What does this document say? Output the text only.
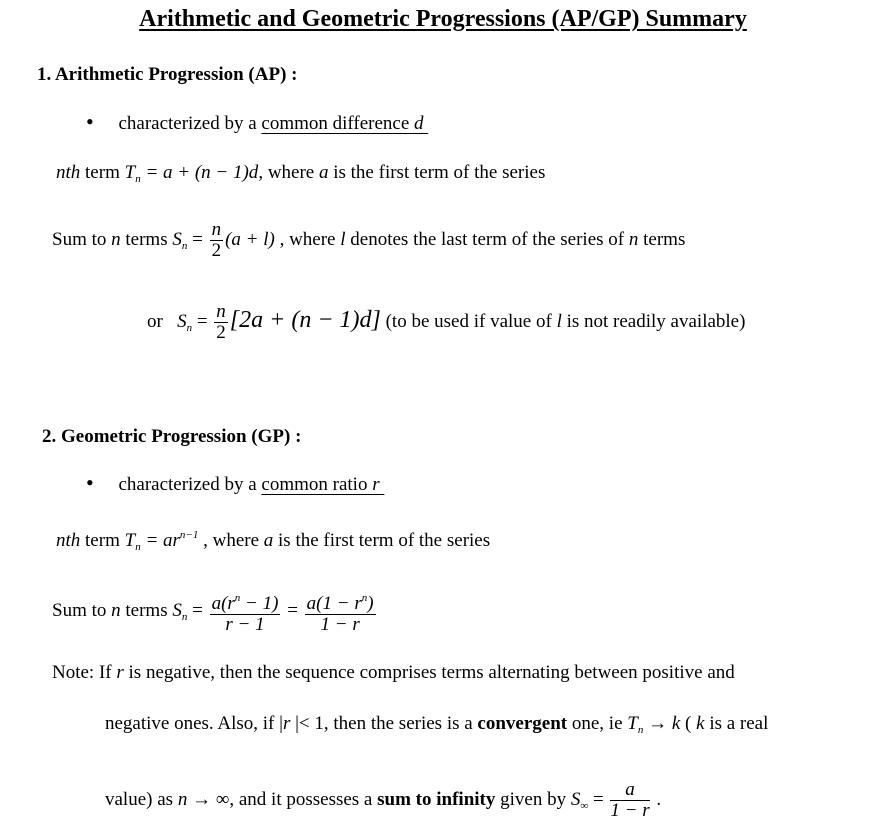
Arithmetic and Geometric Progressions (AP/GP) Summary
1. Arithmetic Progression (AP) :
• characterized by a common difference d
nth term $T_n = a + (n - 1)d$, where a is the first term of the series
Sum to n terms $S_n = \frac{n}{2} (a + l)$ , where l denotes the last term of the series of n terms
or $S_n = \frac{n}{2} [2a + (n - 1)d]$ (to be used if value of l is not readily available)
2. Geometric Progression (GP) :
• characterized by a common ratio r
nth term $T_n = ar^{n-1}$ , where a is the first term of the series
Sum to n terms $S_n = \frac{a(r^n - 1)}{r - 1} = \frac{a(1 - r^n)}{1 - r}$
Note: If r is negative, then the sequence comprises terms alternating between positive and
negative ones. Also, if |r |< 1, then the series is a convergent one, ie $T_n \to k$ ( k is a real
value) as n → ∞, and it possesses a sum to infinity given by $S_\infty = \frac{a}{1 - r}$ .
